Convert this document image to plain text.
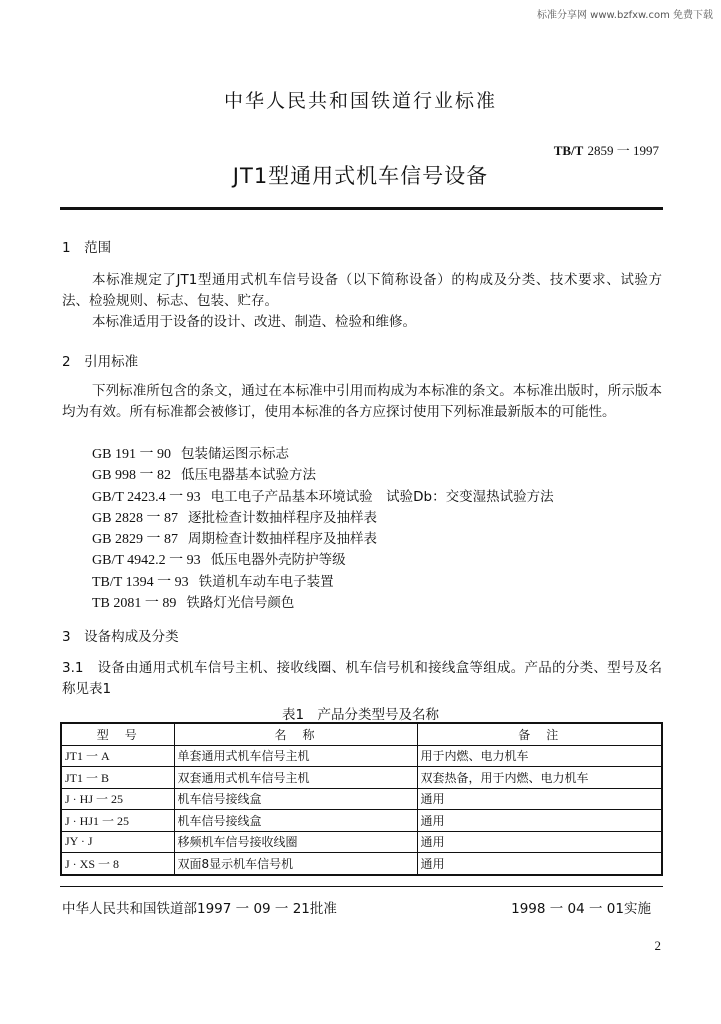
标准分享网 www.bzfxw.com 免费下载
中华人民共和国铁道行业标准
TB/T 2859 一 1997
JT1型通用式机车信号设备
1　范围

本标准规定了JT1型通用式机车信号设备（以下简称设备）的构成及分类、技术要求、试验方法、检验规则、标志、包装、贮存。

本标准适用于设备的设计、改进、制造、检验和维修。

2　引用标准

下列标准所包含的条文，通过在本标准中引用而构成为本标准的条文。本标准出版时，所示版本均为有效。所有标准都会被修订，使用本标准的各方应探讨使用下列标准最新版本的可能性。

GB 191 一 90 包装储运图示标志
GB 998 一 82 低压电器基本试验方法
GB/T 2423.4 一 93 电工电子产品基本环境试验　试验Db：交变湿热试验方法
GB 2828 一 87 逐批检查计数抽样程序及抽样表
GB 2829 一 87 周期检查计数抽样程序及抽样表
GB/T 4942.2 一 93 低压电器外壳防护等级
TB/T 1394 一 93 铁道机车动车电子装置
TB 2081 一 89 铁路灯光信号颜色
3　设备构成及分类

3.1　设备由通用式机车信号主机、接收线圈、机车信号机和接线盒等组成。产品的分类、型号及名称见表1

表1　产品分类型号及名称
型　号	名　称	备　注
JT1 一 A	单套通用式机车信号主机	用于内燃、电力机车
JT1 一 B	双套通用式机车信号主机	双套热备，用于内燃、电力机车
J · HJ 一 25	机车信号接线盒	通用
J · HJ1 一 25	机车信号接线盒	通用
JY · J	移频机车信号接收线圈	通用
J · XS 一 8	双面8显示机车信号机	通用
中华人民共和国铁道部1997 一 09 一 21批准	1998 一 04 一 01实施
2
